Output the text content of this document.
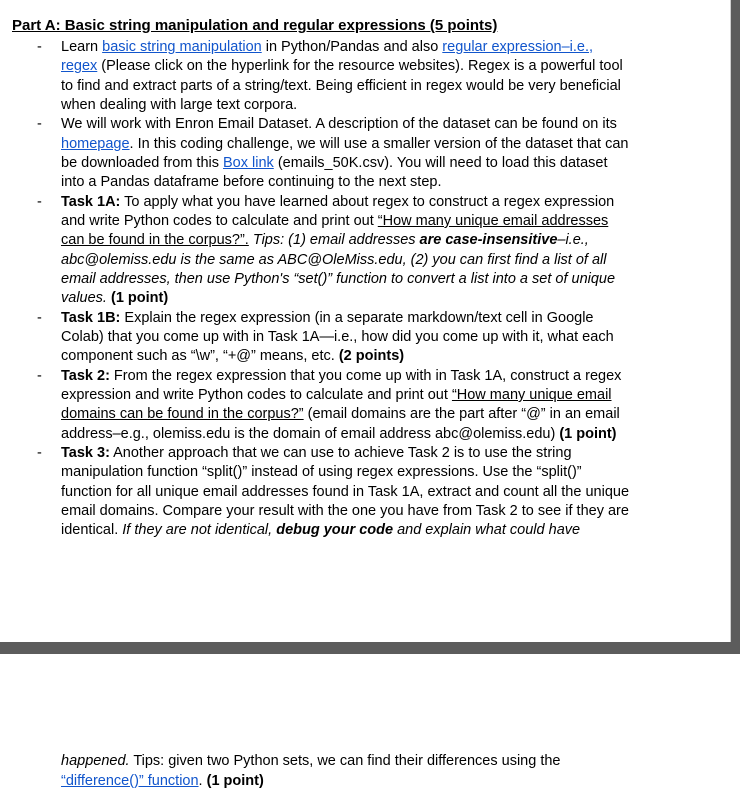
Part A: Basic string manipulation and regular expressions (5 points)
- Learn basic string manipulation in Python/Pandas and also regular expression–i.e.,
regex (Please click on the hyperlink for the resource websites). Regex is a powerful tool
to find and extract parts of a string/text. Being efficient in regex would be very beneficial
when dealing with large text corpora.
- We will work with Enron Email Dataset. A description of the dataset can be found on its
homepage. In this coding challenge, we will use a smaller version of the dataset that can
be downloaded from this Box link (emails_50K.csv). You will need to load this dataset
into a Pandas dataframe before continuing to the next step.
- Task 1A: To apply what you have learned about regex to construct a regex expression
and write Python codes to calculate and print out “How many unique email addresses
can be found in the corpus?”. Tips: (1) email addresses are case-insensitive–i.e.,
abc@olemiss.edu is the same as ABC@OleMiss.edu, (2) you can first find a list of all
email addresses, then use Python's “set()” function to convert a list into a set of unique
values. (1 point)
- Task 1B: Explain the regex expression (in a separate markdown/text cell in Google
Colab) that you come up with in Task 1A—i.e., how did you come up with it, what each
component such as “\w”, “+@” means, etc. (2 points)
- Task 2: From the regex expression that you come up with in Task 1A, construct a regex
expression and write Python codes to calculate and print out “How many unique email
domains can be found in the corpus?” (email domains are the part after “@” in an email
address–e.g., olemiss.edu is the domain of email address abc@olemiss.edu) (1 point)
- Task 3: Another approach that we can use to achieve Task 2 is to use the string
manipulation function “split()” instead of using regex expressions. Use the “split()”
function for all unique email addresses found in Task 1A, extract and count all the unique
email domains. Compare your result with the one you have from Task 2 to see if they are
identical. If they are not identical, debug your code and explain what could have
happened. Tips: given two Python sets, we can find their differences using the
“difference()” function. (1 point)
